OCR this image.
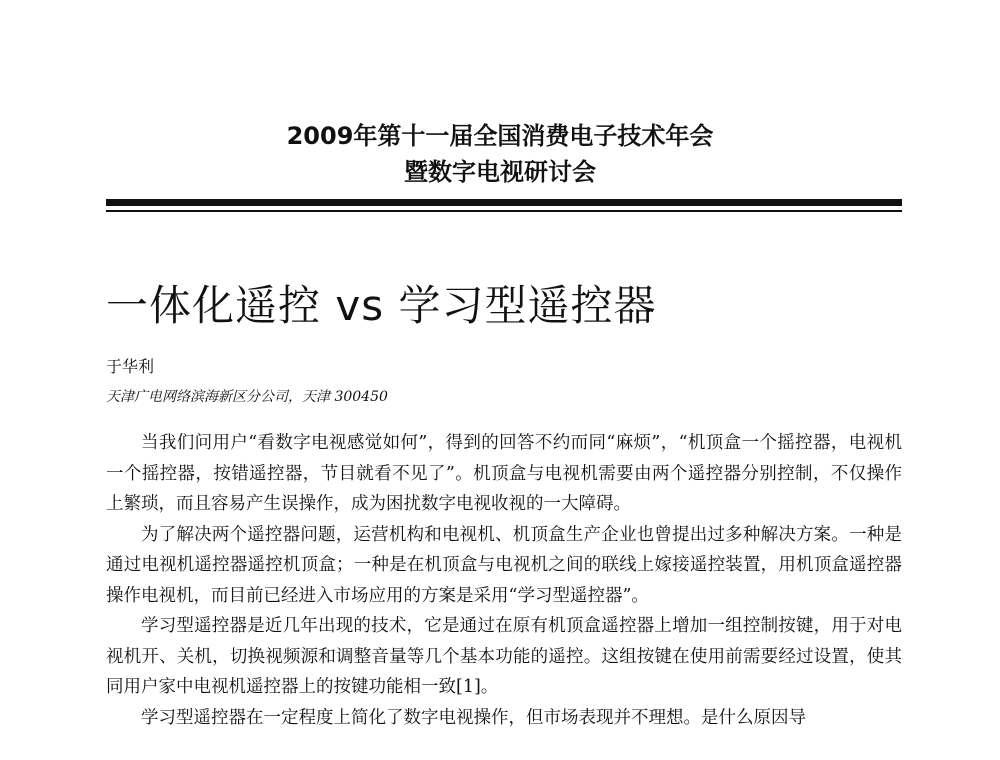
2009年第十一届全国消费电子技术年会
暨数字电视研讨会
一体化遥控 vs 学习型遥控器
于华利
天津广电网络滨海新区分公司，天津 300450

当我们问用户“看数字电视感觉如何”，得到的回答不约而同“麻烦”，“机顶盒一个摇控器，电视机一个摇控器，按错遥控器，节目就看不见了”。机顶盒与电视机需要由两个遥控器分别控制，不仅操作上繁琐，而且容易产生误操作，成为困扰数字电视收视的一大障碍。

为了解决两个遥控器问题，运营机构和电视机、机顶盒生产企业也曾提出过多种解决方案。一种是通过电视机遥控器遥控机顶盒；一种是在机顶盒与电视机之间的联线上嫁接遥控装置，用机顶盒遥控器操作电视机，而目前已经进入市场应用的方案是采用“学习型遥控器”。

学习型遥控器是近几年出现的技术，它是通过在原有机顶盒遥控器上增加一组控制按键，用于对电视机开、关机，切换视频源和调整音量等几个基本功能的遥控。这组按键在使用前需要经过设置，使其同用户家中电视机遥控器上的按键功能相一致[1]。

学习型遥控器在一定程度上简化了数字电视操作，但市场表现并不理想。是什么原因导
